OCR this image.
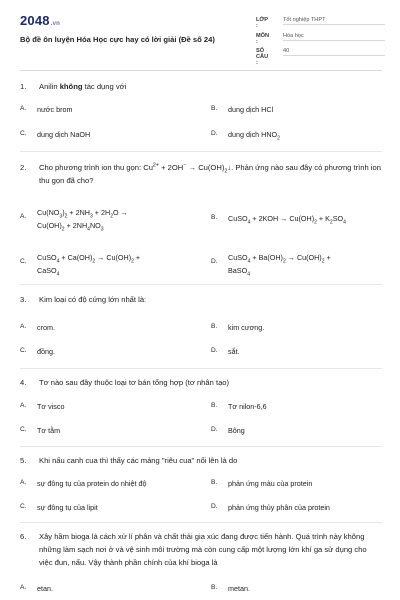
2048.vn
Bộ đề ôn luyện Hóa Học cực hay có lời giải (Đề số 24)
LỚP :
Tốt nghiệp THPT
MÔN :
Hóa học
SỐ CÂU :
40
1. Anilin không tác dụng với
A. nước brom	B. dung dịch HCl
C. dung dịch NaOH	D. dung dịch $HNO_2$
2. Cho phương trình ion thu gọn: $Cu^{2+} + 2OH^-$ → $Cu(OH)_2↓$. Phản ứng nào sau đây có phương trình ion thu gọn đã cho?
A. $Cu(NO_3)_2 + 2NH_3 + 2H_2O$ →
$Cu(OH)_2 + 2NH_4NO_3$
B. CuSO$_4$ + $2KOH \to Cu(OH)_2 + K_2SO_4$
C. CuSO$_4$ + $Ca(OH)_2 \to Cu(OH)_2$ +
CaSO$_4$
D. CuSO$_4$ + $Ba(OH)_2 \to Cu(OH)_2$ +
BaSO$_4$
3. Kim loại có độ cứng lớn nhất là:
A. crom.	B. kim cương.
C. đồng.	D. sắt.
4. Tơ nào sau đây thuộc loại tơ bán tổng hợp (tơ nhân tạo)
A. Tơ visco	B. Tơ nilon-6,6
C. Tơ tằm	D. Bông
5. Khi nấu canh cua thì thấy các mảng "riêu cua" nổi lên là do
A. sự đông tụ của protein do nhiệt độ	B. phản ứng màu của protein
C. sự đông tụ của lipit	D. phản ứng thủy phân của protein
6. Xây hầm bioga là cách xử lí phân và chất thải gia xúc đang được tiến hành. Quá trình này không những làm sạch nơi ở và vệ sinh môi trường mà còn cung cấp một lượng lớn khí ga sử dụng cho việc đun, nấu. Vậy thành phần chính của khí bioga là
A. etan.	B. metan.
